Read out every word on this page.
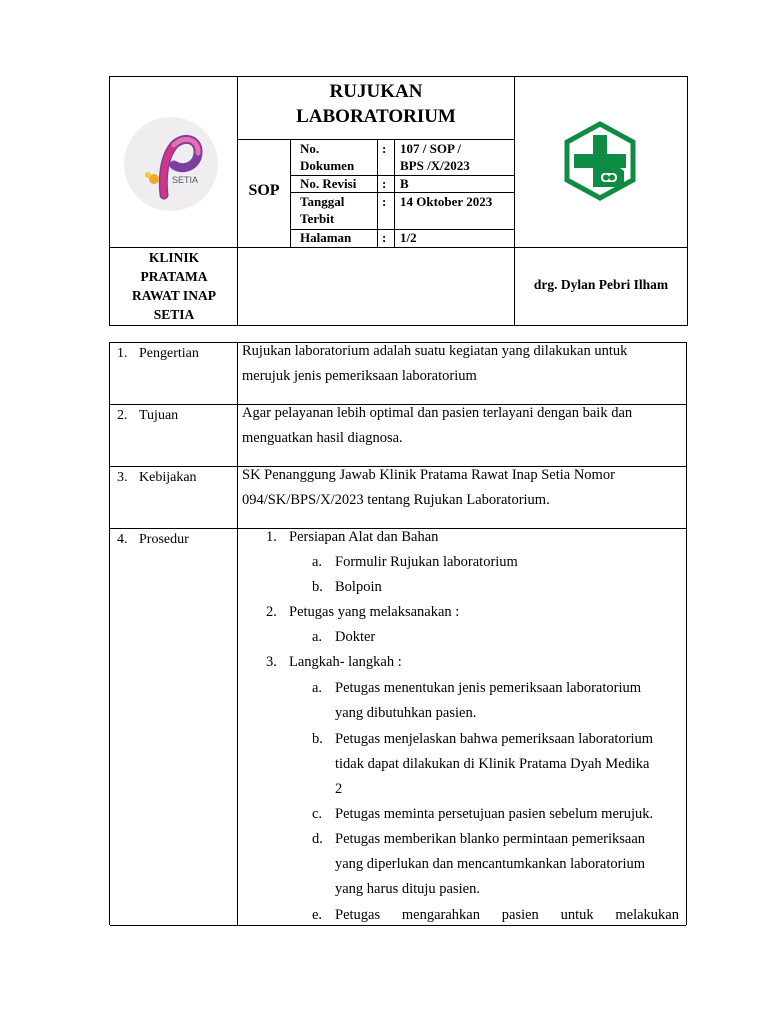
SETIA
RUJUKAN
LABORATORIUM
SOP
No.
Dokumen
: 107 / SOP /
BPS /X/2023
No. Revisi : B
Tanggal
Terbit
: 14 Oktober 2023
Halaman : 1/2
KLINIK
PRATAMA
RAWAT INAP
SETIA
drg. Dylan Pebri Ilham
1. Pengertian	Rujukan laboratorium adalah suatu kegiatan yang dilakukan untuk
merujuk jenis pemeriksaan laboratorium
2. Tujuan	Agar pelayanan lebih optimal dan pasien terlayani dengan baik dan
menguatkan hasil diagnosa.
3. Kebijakan	SK Penanggung Jawab Klinik Pratama Rawat Inap Setia Nomor
094/SK/BPS/X/2023 tentang Rujukan Laboratorium.
4. Prosedur	1. Persiapan Alat dan Bahan
a. Formulir Rujukan laboratorium
b. Bolpoin
2. Petugas yang melaksanakan :
a. Dokter
3. Langkah- langkah :
a. Petugas menentukan jenis pemeriksaan laboratorium
yang dibutuhkan pasien.
b. Petugas menjelaskan bahwa pemeriksaan laboratorium
tidak dapat dilakukan di Klinik Pratama Dyah Medika
2
c. Petugas meminta persetujuan pasien sebelum merujuk.
d. Petugas memberikan blanko permintaan pemeriksaan
yang diperlukan dan mencantumkankan laboratorium
yang harus dituju pasien.
e. Petugas mengarahkan pasien untuk melakukan
